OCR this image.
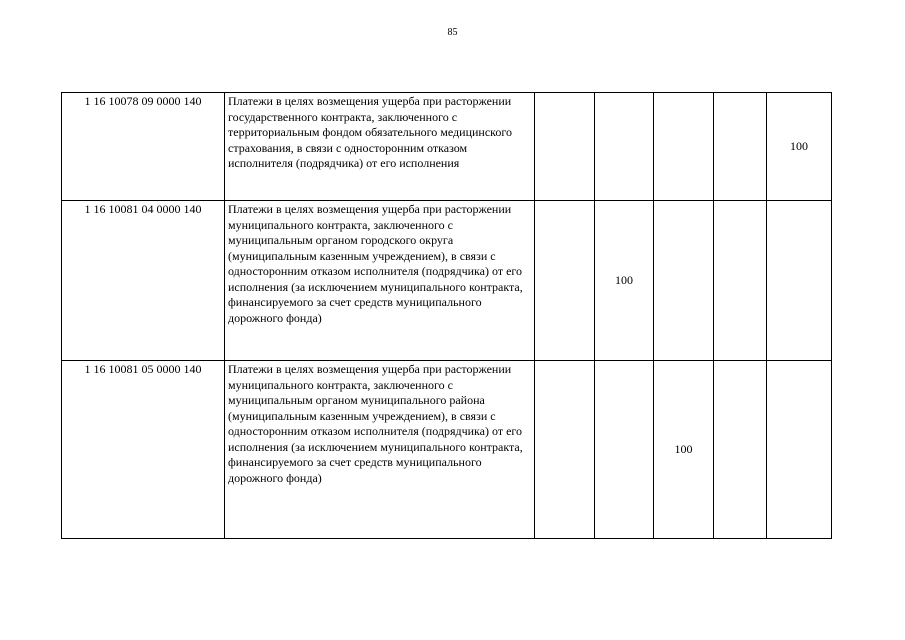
85
1 16 10078 09 0000 140	Платежи в целях возмещения ущерба при расторжении государственного контракта, заключенного с территориальным фондом обязательного медицинского страхования, в связи с односторонним отказом исполнителя (подрядчика) от его исполнения					100
1 16 10081 04 0000 140	Платежи в целях возмещения ущерба при расторжении муниципального контракта, заключенного с муниципальным органом городского округа (муниципальным казенным учреждением), в связи с односторонним отказом исполнителя (подрядчика) от его исполнения (за исключением муниципального контракта, финансируемого за счет средств муниципального дорожного фонда)		100			
1 16 10081 05 0000 140	Платежи в целях возмещения ущерба при расторжении муниципального контракта, заключенного с муниципальным органом муниципального района (муниципальным казенным учреждением), в связи с односторонним отказом исполнителя (подрядчика) от его исполнения (за исключением муниципального контракта, финансируемого за счет средств муниципального дорожного фонда)			100		
